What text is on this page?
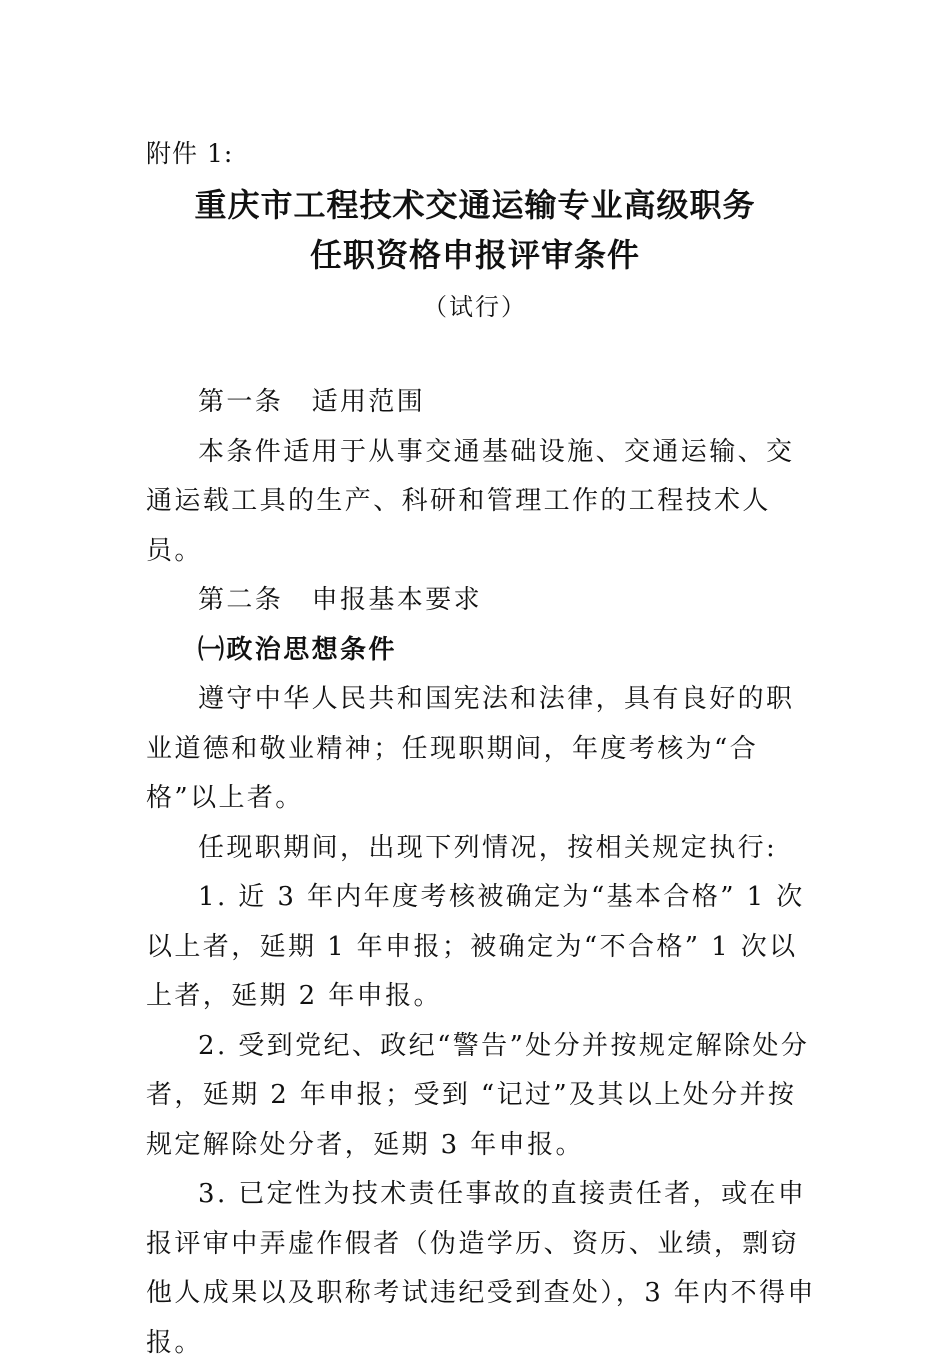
附件 1:
重庆市工程技术交通运输专业高级职务
任职资格申报评审条件
（试行）

第一条　适用范围

本条件适用于从事交通基础设施、交通运输、交通运载工具的生产、科研和管理工作的工程技术人员。

第二条　申报基本要求

㈠政治思想条件

遵守中华人民共和国宪法和法律，具有良好的职业道德和敬业精神；任现职期间，年度考核为“合格”以上者。

任现职期间，出现下列情况，按相关规定执行:

1. 近 3 年内年度考核被确定为“基本合格” 1 次以上者，延期 1 年申报；被确定为“不合格” 1 次以上者，延期 2 年申报。

2. 受到党纪、政纪“警告”处分并按规定解除处分者，延期 2 年申报；受到 “记过”及其以上处分并按规定解除处分者，延期 3 年申报。

3. 已定性为技术责任事故的直接责任者，或在申报评审中弄虚作假者（伪造学历、资历、业绩，剽窃他人成果以及职称考试违纪受到查处），3 年内不得申报。
